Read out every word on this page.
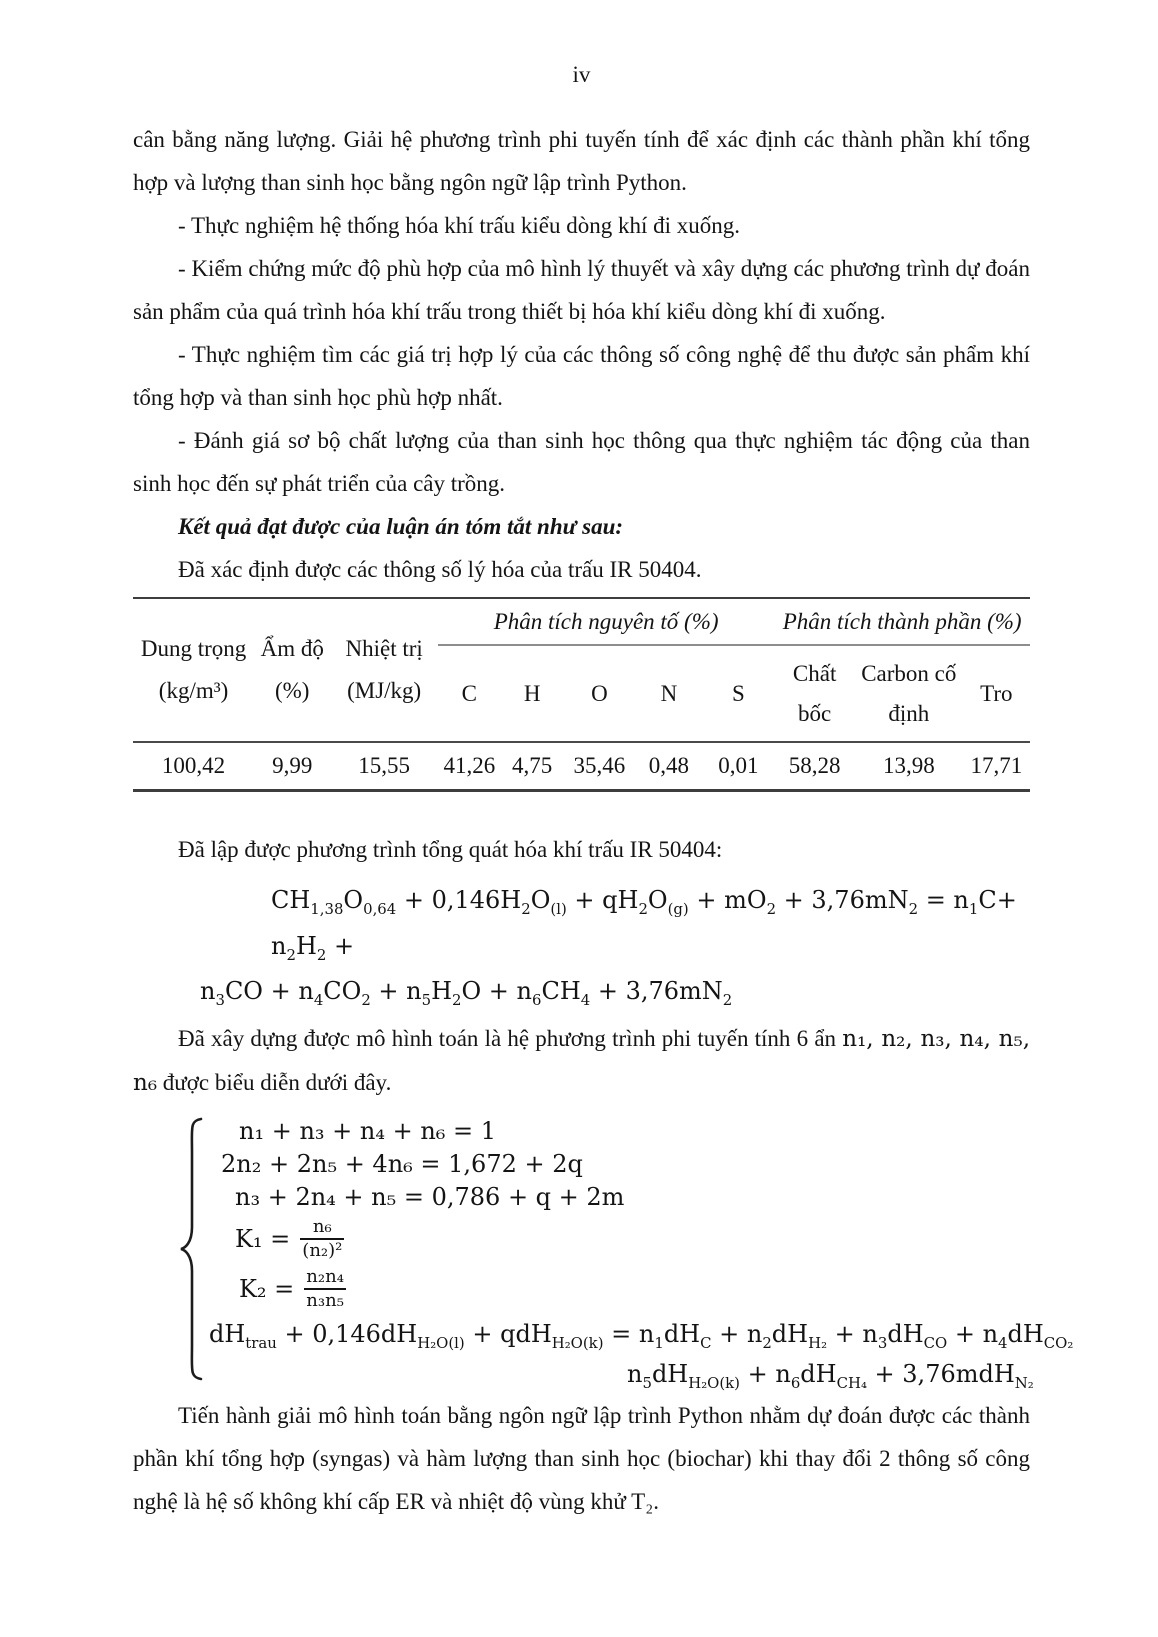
iv

cân bằng năng lượng. Giải hệ phương trình phi tuyến tính để xác định các thành phần khí tổng hợp và lượng than sinh học bằng ngôn ngữ lập trình Python.

- Thực nghiệm hệ thống hóa khí trấu kiểu dòng khí đi xuống.

- Kiểm chứng mức độ phù hợp của mô hình lý thuyết và xây dựng các phương trình dự đoán sản phẩm của quá trình hóa khí trấu trong thiết bị hóa khí kiểu dòng khí đi xuống.

- Thực nghiệm tìm các giá trị hợp lý của các thông số công nghệ để thu được sản phẩm khí tổng hợp và than sinh học phù hợp nhất.

- Đánh giá sơ bộ chất lượng của than sinh học thông qua thực nghiệm tác động của than sinh học đến sự phát triển của cây trồng.

Kết quả đạt được của luận án tóm tắt như sau:

Đã xác định được các thông số lý hóa của trấu IR 50404.

Dung trọng (kg/m³)	Ẩm độ (%)	Nhiệt trị (MJ/kg)	Phân tích nguyên tố (%)					Phân tích thành phần (%)		
			C	H	O	N	S	Chất bốc	Carbon cố định	Tro
100,42	9,99	15,55	41,26	4,75	35,46	0,48	0,01	58,28	13,98	17,71

Đã lập được phương trình tổng quát hóa khí trấu IR 50404:

$CH_{1,38}O_{0,64} + 0,146H_2O_{(l)} + qH_2O_{(g)} + mO_2 + 3,76mN_2 = n_1C+ n_2H_2$ +
$n_3CO + n_4CO_2 + n_5H_2O + n_6CH_4 + 3,76mN_2$

Đã xây dựng được mô hình toán là hệ phương trình phi tuyến tính 6 ẩn n₁, n₂, n₃, n₄, n₅, n₆ được biểu diễn dưới đây.

n₁ + n₃ + n₄ + n₆ = 1
2n₂ + 2n₅ + 4n₆ = 1,672 + 2q
n₃ + 2n₄ + n₅ = 0,786 + q + 2m
$K_1 = \frac{\text{n₆}}{\text{(n₂)²}}$
$K_2 = \frac{\text{n₂n₄}}{\text{n₃n₅}}$
$dH_{trau} + 0,146dH_{H_2O(l)} + qdH_{H_2O(k)} = n_1dH_C + n_2dH_{H_2} + n_3dH_{CO} + n_4dH_{CO_2}$
$n_5dH_{H_2O(k)} + n_6dH_{CH_4} + 3,76mdH_{N_2}$

Tiến hành giải mô hình toán bằng ngôn ngữ lập trình Python nhằm dự đoán được các thành phần khí tổng hợp (syngas) và hàm lượng than sinh học (biochar) khi thay đổi 2 thông số công nghệ là hệ số không khí cấp ER và nhiệt độ vùng khử T₂.
